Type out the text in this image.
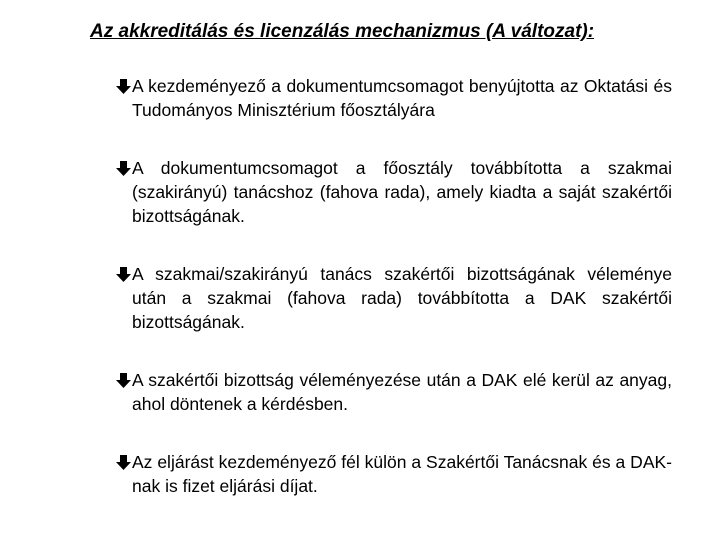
Az akkreditálás és licenzálás mechanizmus (A változat):
A kezdeményező a dokumentumcsomagot benyújtotta az Oktatási és Tudományos Minisztérium főosztályára
A dokumentumcsomagot a főosztály továbbította a szakmai (szakirányú) tanácshoz (fahova rada), amely kiadta a saját szakértői bizottságának.
A szakmai/szakirányú tanács szakértői bizottságának véleménye után a szakmai (fahova rada) továbbította a DAK szakértői bizottságának.
A szakértői bizottság véleményezése után a DAK elé kerül az anyag, ahol döntenek a kérdésben.
Az eljárást kezdeményező fél külön a Szakértői Tanácsnak és a DAK- nak is fizet eljárási díjat.
